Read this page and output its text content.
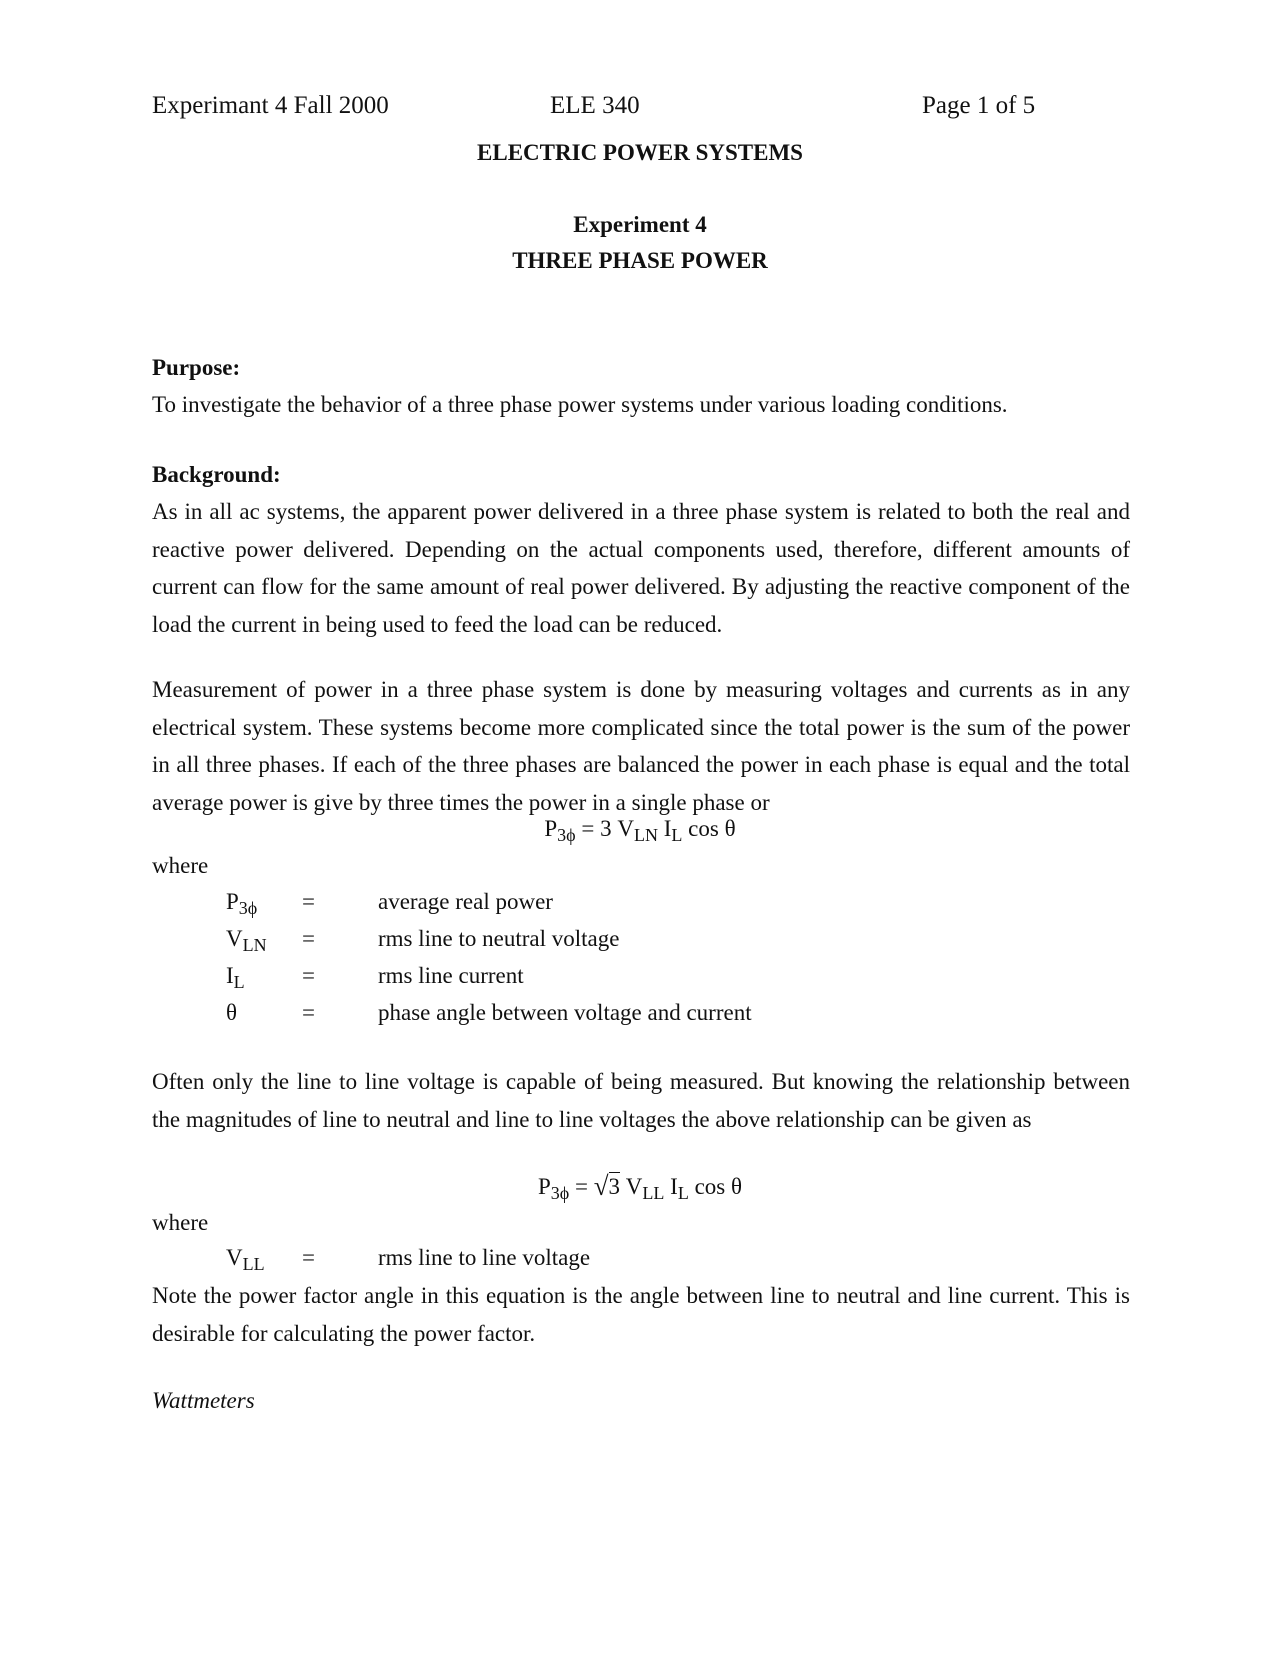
Experimant 4 Fall 2000	ELE 340	Page 1 of 5
ELECTRIC POWER SYSTEMS
Experiment 4
THREE PHASE POWER
Purpose:

To investigate the behavior of a three phase power systems under various loading conditions.

Background:

As in all ac systems, the apparent power delivered in a three phase system is related to both the real and reactive power delivered. Depending on the actual components used, therefore, different amounts of current can flow for the same amount of real power delivered. By adjusting the reactive component of the load the current in being used to feed the load can be reduced.

Measurement of power in a three phase system is done by measuring voltages and currents as in any electrical system. These systems become more complicated since the total power is the sum of the power in all three phases. If each of the three phases are balanced the power in each phase is equal and the total average power is give by three times the power in a single phase or

$P_{3\phi} = 3$ $V_{LN}$ $I_L$ cos θ
where
$P_{3\phi}$ =	average real power
$V_{LN}$ =	rms line to neutral voltage
$I_L$ =	rms line current
θ	=	phase angle between voltage and current

Often only the line to line voltage is capable of being measured. But knowing the relationship between the magnitudes of line to neutral and line to line voltages the above relationship can be given as

$P_{3\phi} = √3$ $V_{LL}$ $I_L$ cos θ
where
$V_{LL}$ =	rms line to line voltage

Note the power factor angle in this equation is the angle between line to neutral and line current. This is desirable for calculating the power factor.

Wattmeters
